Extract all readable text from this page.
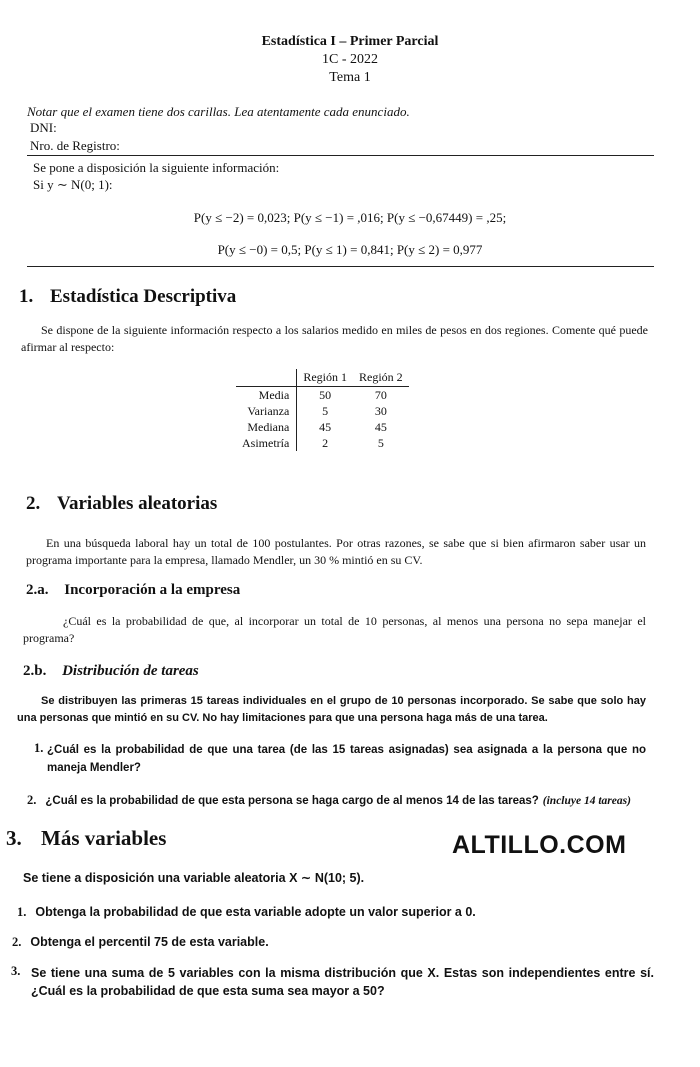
Estadística I – Primer Parcial
1C - 2022
Tema 1
Notar que el examen tiene dos carillas. Lea atentamente cada enunciado.
DNI:
Nro. de Registro:
Se pone a disposición la siguiente información:
Si y ∼ N(0; 1):
P(y ≤ −2) = 0,023; P(y ≤ −1) = ,016; P(y ≤ −0,67449) = ,25;
P(y ≤ −0) = 0,5; P(y ≤ 1) = 0,841; P(y ≤ 2) = 0,977
1. Estadística Descriptiva
Se dispone de la siguiente información respecto a los salarios medido en miles de pesos en dos regiones. Comente qué puede afirmar al respecto:
	Región 1	Región 2
Media	50	70
Varianza	5	30
Mediana	45	45
Asimetría	2	5
2. Variables aleatorias
En una búsqueda laboral hay un total de 100 postulantes. Por otras razones, se sabe que si bien afirmaron saber usar un programa importante para la empresa, llamado Mendler, un 30 % mintió en su CV.
2.a. Incorporación a la empresa
¿Cuál es la probabilidad de que, al incorporar un total de 10 personas, al menos una persona no sepa manejar el programa?
2.b. Distribución de tareas
Se distribuyen las primeras 15 tareas individuales en el grupo de 10 personas incorporado. Se sabe que solo hay una personas que mintió en su CV. No hay limitaciones para que una persona haga más de una tarea.
1. ¿Cuál es la probabilidad de que una tarea (de las 15 tareas asignadas) sea asignada a la persona que no maneja Mendler?
2. ¿Cuál es la probabilidad de que esta persona se haga cargo de al menos 14 de las tareas? (incluye 14 tareas)
3. Más variables	ALTILLO.COM
Se tiene a disposición una variable aleatoria X ∼ N(10; 5).
1. Obtenga la probabilidad de que esta variable adopte un valor superior a 0.
2. Obtenga el percentil 75 de esta variable.
3. Se tiene una suma de 5 variables con la misma distribución que X. Estas son independientes entre sí. ¿Cuál es la probabilidad de que esta suma sea mayor a 50?
